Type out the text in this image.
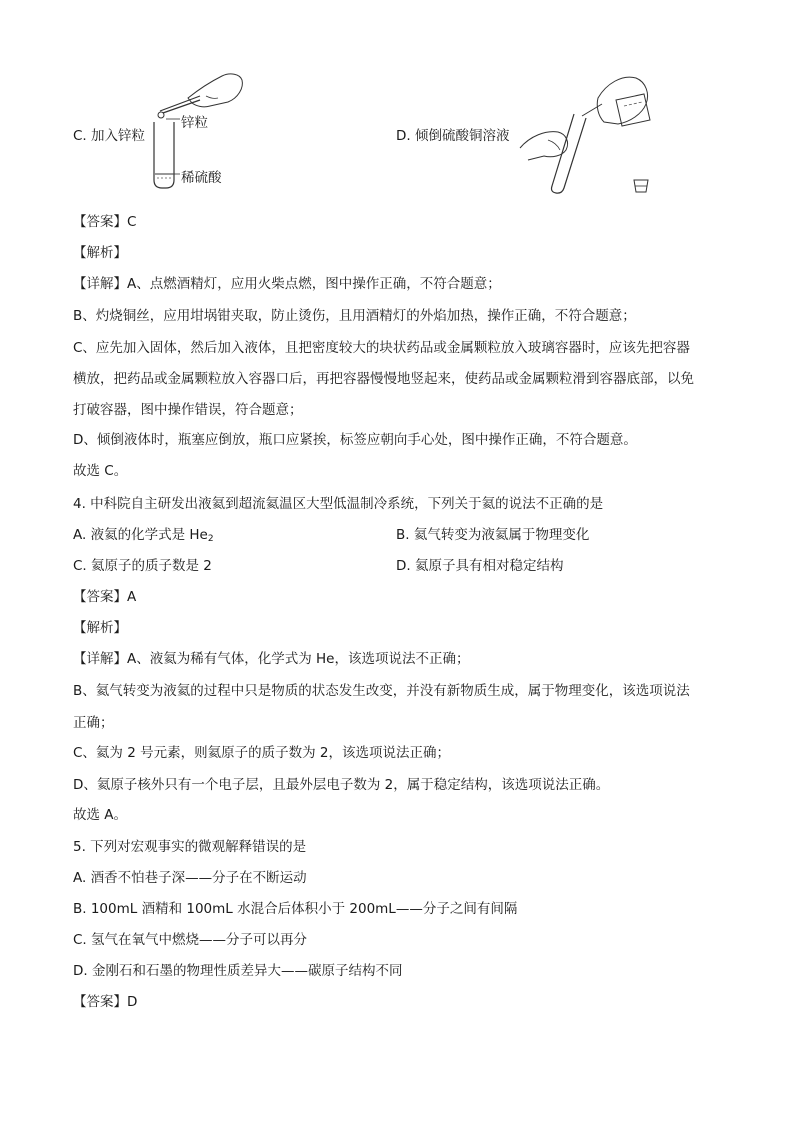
锌粒
稀硫酸
C. 加入锌粒	D. 倾倒硫酸铜溶液
【答案】C
【解析】
【详解】A、点燃酒精灯，应用火柴点燃，图中操作正确，不符合题意；
B、灼烧铜丝，应用坩埚钳夹取，防止烫伤，且用酒精灯的外焰加热，操作正确，不符合题意；
C、应先加入固体，然后加入液体，且把密度较大的块状药品或金属颗粒放入玻璃容器时，应该先把容器
横放，把药品或金属颗粒放入容器口后，再把容器慢慢地竖起来，使药品或金属颗粒滑到容器底部，以免
打破容器，图中操作错误，符合题意；
D、倾倒液体时，瓶塞应倒放，瓶口应紧挨，标签应朝向手心处，图中操作正确，不符合题意。
故选 C。
4. 中科院自主研发出液氦到超流氦温区大型低温制冷系统，下列关于氦的说法不正确的是
A. 液氦的化学式是 $He_2$	B. 氦气转变为液氦属于物理变化
C. 氦原子的质子数是 2	D. 氦原子具有相对稳定结构
【答案】A
【解析】
【详解】A、液氦为稀有气体，化学式为 He，该选项说法不正确；
B、氦气转变为液氦的过程中只是物质的状态发生改变，并没有新物质生成，属于物理变化，该选项说法
正确；
C、氦为 2 号元素，则氦原子的质子数为 2，该选项说法正确；
D、氦原子核外只有一个电子层，且最外层电子数为 2，属于稳定结构，该选项说法正确。
故选 A。
5. 下列对宏观事实的微观解释错误的是
A. 酒香不怕巷子深——分子在不断运动
B. 100mL 酒精和 100mL 水混合后体积小于 200mL——分子之间有间隔
C. 氢气在氧气中燃烧——分子可以再分
D. 金刚石和石墨的物理性质差异大——碳原子结构不同
【答案】D
